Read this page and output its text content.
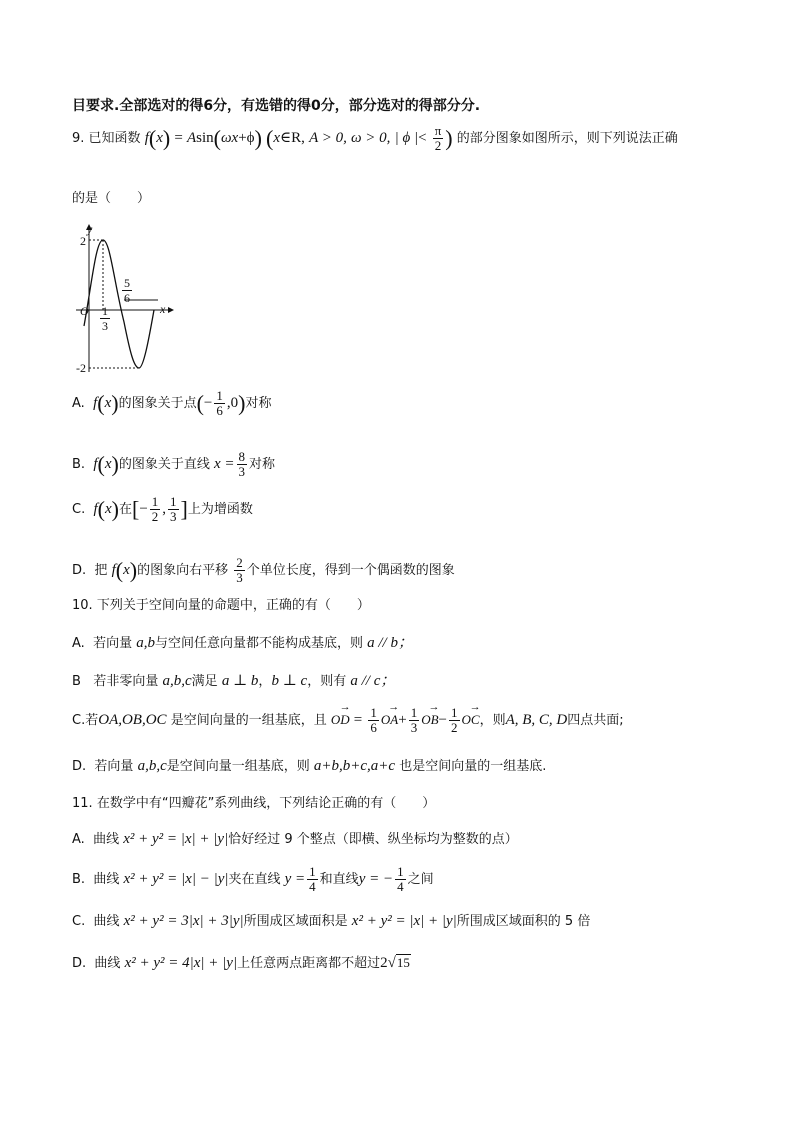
目要求.全部选对的得6分，有选错的得0分，部分选对的得部分分.
9. 已知函数 f(x) = Asin(ωx+ϕ) (x∈R, A > 0, ω > 0, | ϕ |< $\frac{\pi}{2}$ ) 的部分图象如图所示，则下列说法正确
的是（　　）
y
x
O
2
-2
$\frac{1}{3}$
$\frac{5}{6}$
A. f(x)的图象关于点(− $\frac{1}{6} ,0$)对称
B. f(x)的图象关于直线 $x = \frac{8}{3}$ 对称
C. f(x)在[− $\frac{1}{2}$ , $\frac{1}{3}$ ]上为增函数
D. 把 f(x)的图象向右平移 $\frac{2}{3}$ 个单位长度，得到一个偶函数的图象
10. 下列关于空间向量的命题中，正确的有（　　）
A. 若向量 a,b与空间任意向量都不能构成基底，则 a // b；
B 若非零向量 a,b,c满足 a ⊥ b，b ⊥ c，则有 a // c；
C.若OA,OB,OC 是空间向量的一组基底，且 → OD = $\frac{1}{6}$
→ $OA+ \frac{1}{3}$
→ $OB- \frac{1}{2}$
→ OC，则A, B, C, D四点共面;
D. 若向量 a,b,c是空间向量一组基底，则 a+b,b+c,a+c 也是空间向量的一组基底.
11. 在数学中有“四瓣花”系列曲线，下列结论正确的有（　　）
A. 曲线 x² + y² = |x| + |y|恰好经过 9 个整点（即横、纵坐标均为整数的点）
B. 曲线 x² + y² = |x| − |y|夹在直线 $y = \frac{1}{4}$ 和直线y = − $\frac{1}{4}$ 之间
C. 曲线 x² + y² = 3|x| + 3|y|所围成区域面积是 x² + y² = |x| + |y|所围成区域面积的 5 倍
D. 曲线 x² + y² = 4|x| + |y|上任意两点距离都不超过2√15
